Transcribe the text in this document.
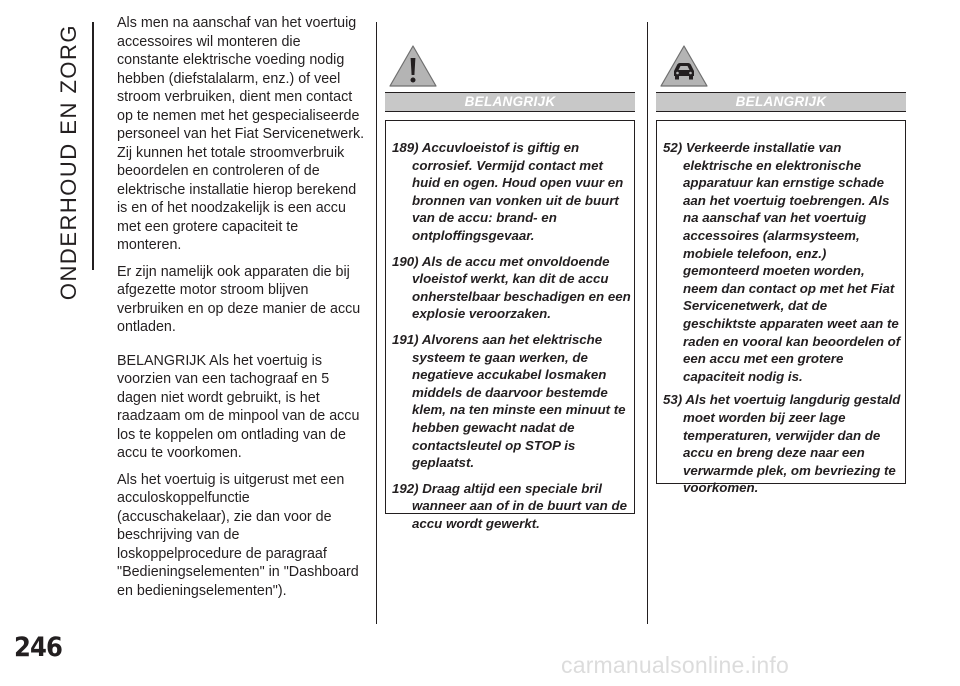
ONDERHOUD EN ZORG

Als men na aanschaf van het voertuig accessoires wil monteren die constante elektrische voeding nodig hebben (diefstalalarm, enz.) of veel stroom verbruiken, dient men contact op te nemen met het gespecialiseerde personeel van het Fiat Servicenetwerk. Zij kunnen het totale stroomverbruik beoordelen en controleren of de elektrische installatie hierop berekend is en of het noodzakelijk is een accu met een grotere capaciteit te monteren.

Er zijn namelijk ook apparaten die bij afgezette motor stroom blijven verbruiken en op deze manier de accu ontladen.

BELANGRIJK Als het voertuig is voorzien van een tachograaf en 5 dagen niet wordt gebruikt, is het raadzaam om de minpool van de accu los te koppelen om ontlading van de accu te voorkomen.

Als het voertuig is uitgerust met een acculoskoppelfunctie (accuschakelaar), zie dan voor de beschrijving van de loskoppelprocedure de paragraaf "Bedieningselementen" in "Dashboard en bedieningselementen").

BELANGRIJK	BELANGRIJK

189) Accuvloeistof is giftig en corrosief. Vermijd contact met huid en ogen. Houd open vuur en bronnen van vonken uit de buurt van de accu: brand- en ontploffingsgevaar.

190) Als de accu met onvoldoende vloeistof werkt, kan dit de accu onherstelbaar beschadigen en een explosie veroorzaken.

191) Alvorens aan het elektrische systeem te gaan werken, de negatieve accukabel losmaken middels de daarvoor bestemde klem, na ten minste een minuut te hebben gewacht nadat de contactsleutel op STOP is geplaatst.

192) Draag altijd een speciale bril wanneer aan of in de buurt van de accu wordt gewerkt.

52) Verkeerde installatie van elektrische en elektronische apparatuur kan ernstige schade aan het voertuig toebrengen. Als na aanschaf van het voertuig accessoires (alarmsysteem, mobiele telefoon, enz.) gemonteerd moeten worden, neem dan contact op met het Fiat Servicenetwerk, dat de geschiktste apparaten weet aan te raden en vooral kan beoordelen of een accu met een grotere capaciteit nodig is.

53) Als het voertuig langdurig gestald moet worden bij zeer lage temperaturen, verwijder dan de accu en breng deze naar een verwarmde plek, om bevriezing te voorkomen.

246
carmanualsonline.info
